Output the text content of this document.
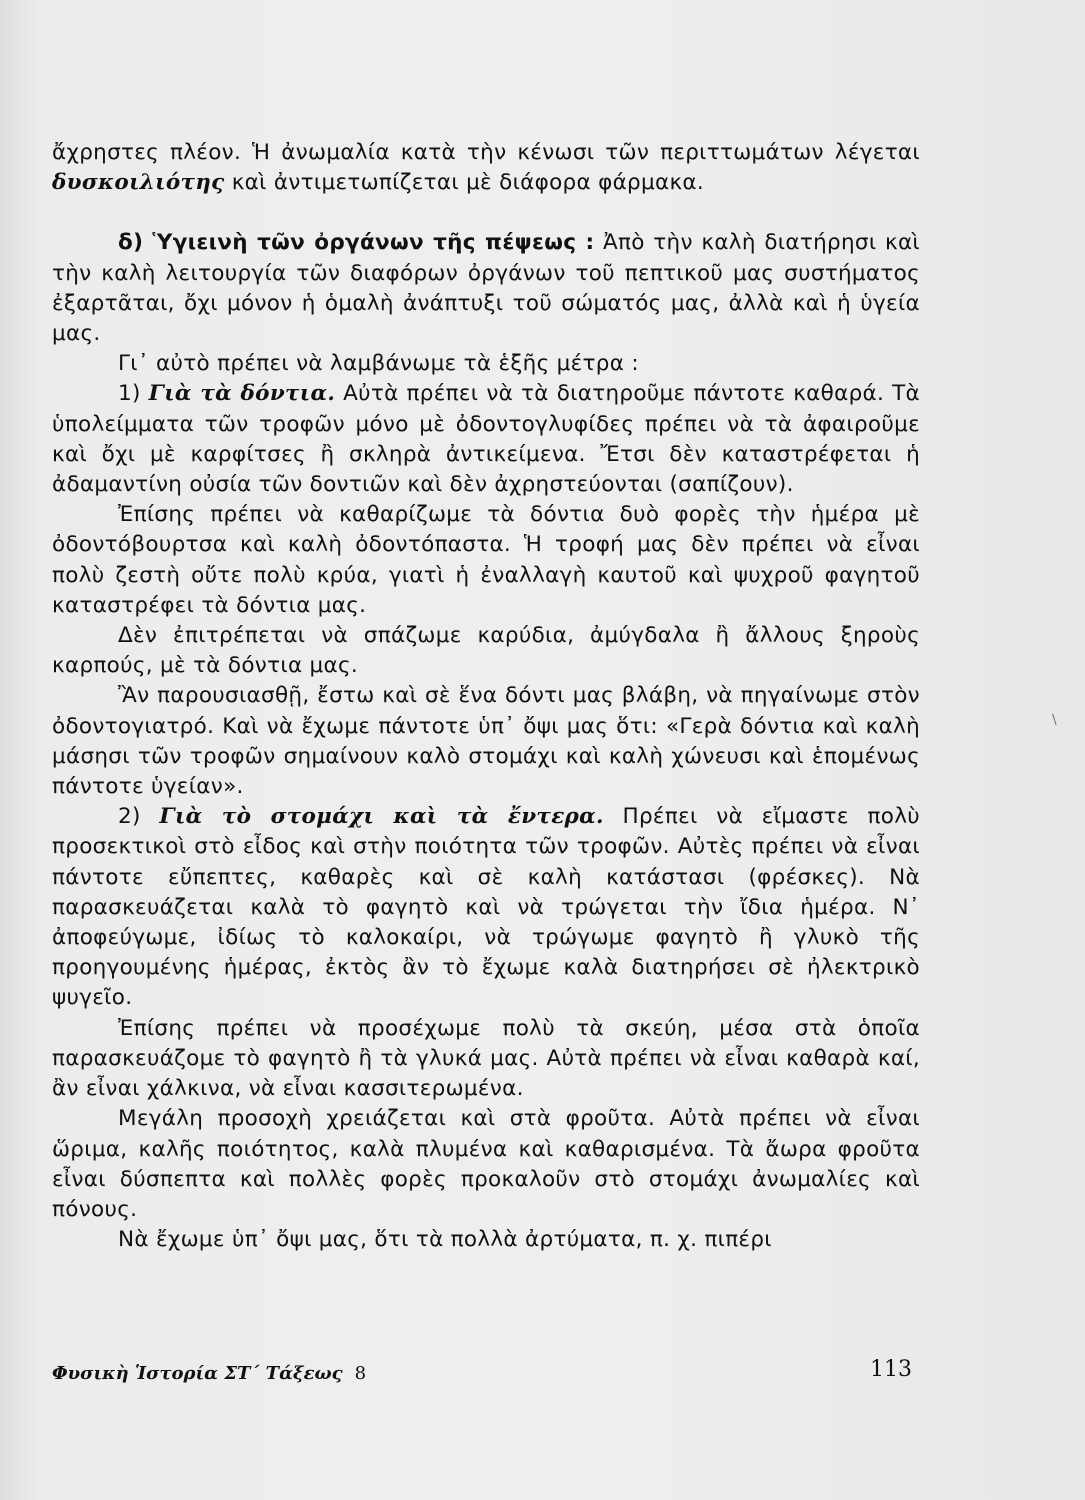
ἄχρηστες πλέον. Ἡ ἀνωμαλία κατὰ τὴν κένωσι τῶν περιττωμάτων λέγεται δυσκοιλιότης καὶ ἀντιμετωπίζεται μὲ διάφορα φάρμακα.

δ) Ὑγιεινὴ τῶν ὀργάνων τῆς πέψεως : Ἀπὸ τὴν καλὴ διατήρησι καὶ τὴν καλὴ λειτουργία τῶν διαφόρων ὀργάνων τοῦ πεπτικοῦ μας συστήματος ἐξαρτᾶται, ὄχι μόνον ἡ ὁμαλὴ ἀνάπτυξι τοῦ σώματός μας, ἀλλὰ καὶ ἡ ὑγεία μας.

Γι᾿ αὐτὸ πρέπει νὰ λαμβάνωμε τὰ ἑξῆς μέτρα :

1) Γιὰ τὰ δόντια. Αὐτὰ πρέπει νὰ τὰ διατηροῦμε πάντοτε καθαρά. Τὰ ὑπολείμματα τῶν τροφῶν μόνο μὲ ὀδοντογλυφίδες πρέπει νὰ τὰ ἀφαιροῦμε καὶ ὄχι μὲ καρφίτσες ἢ σκληρὰ ἀντικείμενα. Ἔτσι δὲν καταστρέφεται ἡ ἀδαμαντίνη οὐσία τῶν δοντιῶν καὶ δὲν ἀχρηστεύονται (σαπίζουν).

Ἐπίσης πρέπει νὰ καθαρίζωμε τὰ δόντια δυὸ φορὲς τὴν ἡμέρα μὲ ὀδοντόβουρτσα καὶ καλὴ ὀδοντόπαστα. Ἡ τροφή μας δὲν πρέπει νὰ εἶναι πολὺ ζεστὴ οὔτε πολὺ κρύα, γιατὶ ἡ ἐναλλαγὴ καυτοῦ καὶ ψυχροῦ φαγητοῦ καταστρέφει τὰ δόντια μας.

Δὲν ἐπιτρέπεται νὰ σπάζωμε καρύδια, ἀμύγδαλα ἢ ἄλλους ξηροὺς καρπούς, μὲ τὰ δόντια μας.

Ἂν παρουσιασθῇ, ἔστω καὶ σὲ ἕνα δόντι μας βλάβη, νὰ πηγαίνωμε στὸν ὀδοντογιατρό. Καὶ νὰ ἔχωμε πάντοτε ὑπ᾿ ὄψι μας ὅτι: «Γερὰ δόντια καὶ καλὴ μάσησι τῶν τροφῶν σημαίνουν καλὸ στομάχι καὶ καλὴ χώνευσι καὶ ἑπομένως πάντοτε ὑγείαν».

2) Γιὰ τὸ στομάχι καὶ τὰ ἔντερα. Πρέπει νὰ εἴμαστε πολὺ προσεκτικοὶ στὸ εἶδος καὶ στὴν ποιότητα τῶν τροφῶν. Αὐτὲς πρέπει νὰ εἶναι πάντοτε εὔπεπτες, καθαρὲς καὶ σὲ καλὴ κατάστασι (φρέσκες). Νὰ παρασκευάζεται καλὰ τὸ φαγητὸ καὶ νὰ τρώγεται τὴν ἴδια ἡμέρα. Ν᾿ ἀποφεύγωμε, ἰδίως τὸ καλοκαίρι, νὰ τρώγωμε φαγητὸ ἢ γλυκὸ τῆς προηγουμένης ἡμέρας, ἐκτὸς ἂν τὸ ἔχωμε καλὰ διατηρήσει σὲ ἠλεκτρικὸ ψυγεῖο.

Ἐπίσης πρέπει νὰ προσέχωμε πολὺ τὰ σκεύη, μέσα στὰ ὁποῖα παρασκευάζομε τὸ φαγητὸ ἢ τὰ γλυκά μας. Αὐτὰ πρέπει νὰ εἶναι καθαρὰ καί, ἂν εἶναι χάλκινα, νὰ εἶναι κασσιτερωμένα.

Μεγάλη προσοχὴ χρειάζεται καὶ στὰ φροῦτα. Αὐτὰ πρέπει νὰ εἶναι ὥριμα, καλῆς ποιότητος, καλὰ πλυμένα καὶ καθαρισμένα. Τὰ ἄωρα φροῦτα εἶναι δύσπεπτα καὶ πολλὲς φορὲς προκαλοῦν στὸ στομάχι ἀνωμαλίες καὶ πόνους.

Νὰ ἔχωμε ὑπ᾿ ὄψι μας, ὅτι τὰ πολλὰ ἀρτύματα, π. χ. πιπέρι

Φυσικὴ Ἱστορία ΣΤ΄ Τάξεως 8	113
\
